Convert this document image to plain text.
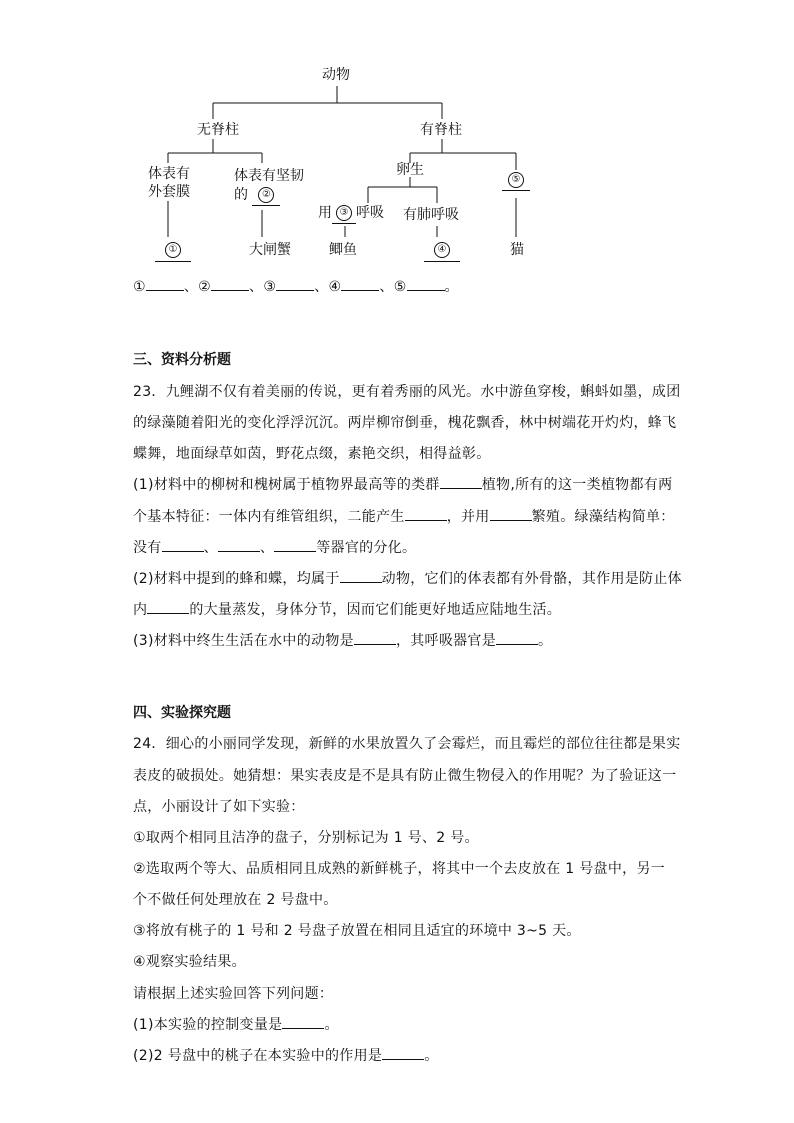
动物
无脊柱	有脊柱
体表有
外套膜
体表有坚韧
的 ②
卵生
⑤
用 ③ 呼吸 有肺呼吸
①	大闸蟹	鲫鱼	④	猫
①	、②	、③	、④	、⑤	。
三、资料分析题
23．九鲤湖不仅有着美丽的传说，更有着秀丽的风光。水中游鱼穿梭，蝌蚪如墨，成团
的绿藻随着阳光的变化浮浮沉沉。两岸柳帘倒垂，槐花飘香，林中树端花开灼灼，蜂飞
蝶舞，地面绿草如茵，野花点缀，素艳交织，相得益彰。
(1)材料中的柳树和槐树属于植物界最高等的类群	植物,所有的这一类植物都有两
个基本特征：一体内有维管组织，二能产生	，并用	繁殖。绿藻结构简单：
没有	、	、	等器官的分化。
(2)材料中提到的蜂和蝶，均属于	动物，它们的体表都有外骨骼，其作用是防止体
内	的大量蒸发，身体分节，因而它们能更好地适应陆地生活。
(3)材料中终生生活在水中的动物是	，其呼吸器官是	。
四、实验探究题
24．细心的小丽同学发现，新鲜的水果放置久了会霉烂，而且霉烂的部位往往都是果实
表皮的破损处。她猜想：果实表皮是不是具有防止微生物侵入的作用呢？为了验证这一
点，小丽设计了如下实验：
①取两个相同且洁净的盘子，分别标记为 1 号、2 号。
②选取两个等大、品质相同且成熟的新鲜桃子，将其中一个去皮放在 1 号盘中，另一
个不做任何处理放在 2 号盘中。
③将放有桃子的 1 号和 2 号盘子放置在相同且适宜的环境中 3~5 天。
④观察实验结果。
请根据上述实验回答下列问题：
(1)本实验的控制变量是	。
(2)2 号盘中的桃子在本实验中的作用是	。
